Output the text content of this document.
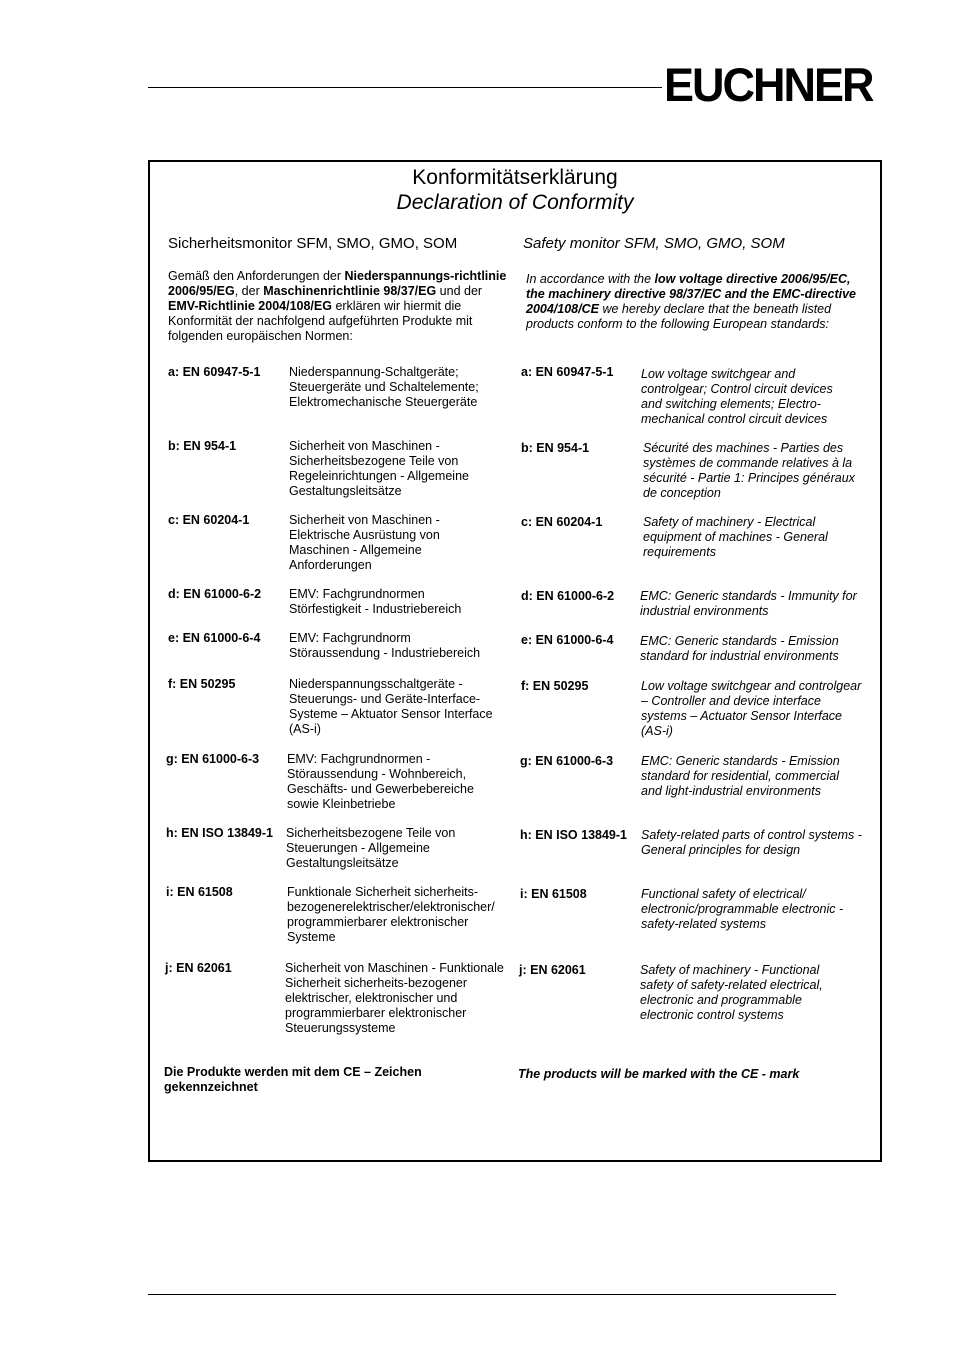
EUCHNER
Konformitätserklärung
Declaration of Conformity
Sicherheitsmonitor SFM, SMO, GMO, SOM	Safety monitor SFM, SMO, GMO, SOM
Gemäß den Anforderungen der Niederspannungs-richtlinie 2006/95/EG, der Maschinenrichtlinie 98/37/EG und der EMV-Richtlinie 2004/108/EG erklären wir hiermit die Konformität der nachfolgend aufgeführten Produkte mit folgenden europäischen Normen:
In accordance with the low voltage directive 2006/95/EC, the machinery directive 98/37/EC and the EMC-directive 2004/108/CE we hereby declare that the beneath listed products conform to the following European standards:
a: EN 60947-5-1 Niederspannung-Schaltgeräte; Steuergeräte und Schaltelemente; Elektromechanische Steuergeräte
a: EN 60947-5-1 Low voltage switchgear and controlgear; Control circuit devices and switching elements; Electro-mechanical control circuit devices
b: EN 954-1	Sicherheit von Maschinen - Sicherheitsbezogene Teile von Regeleinrichtungen - Allgemeine Gestaltungsleitsätze
b: EN 954-1	Sécurité des machines - Parties des systèmes de commande relatives à la sécurité - Partie 1: Principes généraux de conception
c: EN 60204-1	Sicherheit von Maschinen - Elektrische Ausrüstung von Maschinen - Allgemeine Anforderungen
c: EN 60204-1	Safety of machinery - Electrical equipment of machines - General requirements
d: EN 61000-6-2 EMV: Fachgrundnormen Störfestigkeit - Industriebereich
d: EN 61000-6-2 EMC: Generic standards - Immunity for industrial environments
e: EN 61000-6-4 EMV: Fachgrundnorm Störaussendung - Industriebereich
e: EN 61000-6-4 EMC: Generic standards - Emission standard for industrial environments
f: EN 50295	Niederspannungsschaltgeräte - Steuerungs- und Geräte-Interface-Systeme – Aktuator Sensor Interface (AS-i)
f: EN 50295	Low voltage switchgear and controlgear – Controller and device interface systems – Actuator Sensor Interface (AS-i)
g: EN 61000-6-3 EMV: Fachgrundnormen - Störaussendung - Wohnbereich, Geschäfts- und Gewerbebereiche sowie Kleinbetriebe
g: EN 61000-6-3 EMC: Generic standards - Emission standard for residential, commercial and light-industrial environments
h: EN ISO 13849-1 Sicherheitsbezogene Teile von Steuerungen - Allgemeine Gestaltungsleitsätze
h: EN ISO 13849-1 Safety-related parts of control systems - General principles for design
i: EN 61508	Funktionale Sicherheit sicherheits-bezogenerelektrischer/elektronischer/ programmierbarer elektronischer Systeme
i: EN 61508	Functional safety of electrical/ electronic/programmable electronic - safety-related systems
j: EN 62061	Sicherheit von Maschinen - Funktionale Sicherheit sicherheits-bezogener elektrischer, elektronischer und programmierbarer elektronischer Steuerungssysteme
j: EN 62061	Safety of machinery - Functional safety of safety-related electrical, electronic and programmable electronic control systems
Die Produkte werden mit dem CE – Zeichen gekennzeichnet
The products will be marked with the CE - mark
